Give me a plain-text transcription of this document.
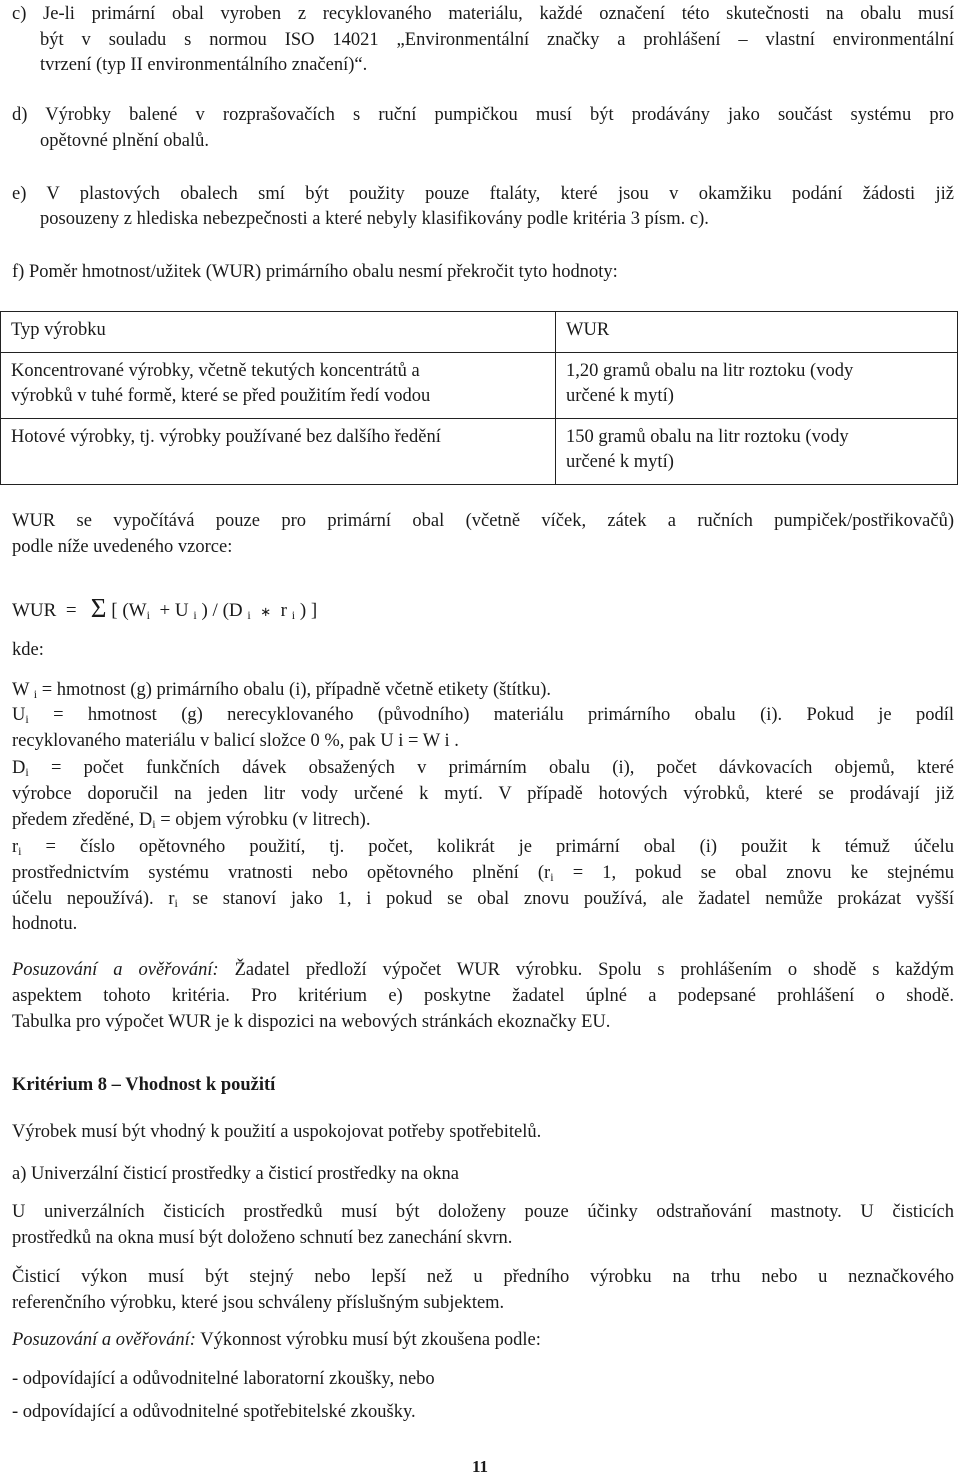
c) Je-li primární obal vyroben z recyklovaného materiálu, každé označení této skutečnosti na obalu musí
být v souladu s normou ISO 14021 „Environmentální značky a prohlášení – vlastní environmentální
tvrzení (typ II environmentálního značení)“.
d) Výrobky balené v rozprašovačích s ruční pumpičkou musí být prodávány jako součást systému pro
opětovné plnění obalů.
e) V plastových obalech smí být použity pouze ftaláty, které jsou v okamžiku podání žádosti již
posouzeny z hlediska nebezpečnosti a které nebyly klasifikovány podle kritéria 3 písm. c).
f) Poměr hmotnost/užitek (WUR) primárního obalu nesmí překročit tyto hodnoty:
Typ výrobku	WUR

Koncentrované výrobky, včetně tekutých koncentrátů a
výrobků v tuhé formě, které se před použitím ředí vodou	1,20 gramů obalu na litr roztoku (vody
určené k mytí)

Hotové výrobky, tj. výrobky používané bez dalšího ředění	150 gramů obalu na litr roztoku (vody
určené k mytí)
WUR se vypočítává pouze pro primární obal (včetně víček, zátek a ručních pumpiček/postřikovačů)
podle níže uvedeného vzorce:
WUR = Σ [ (Wi + U i ) / (D i ∗ r i ) ]
kde:
W i = hmotnost (g) primárního obalu (i), případně včetně etikety (štítku).
Ui = hmotnost (g) nerecyklovaného (původního) materiálu primárního obalu (i). Pokud je podíl
recyklovaného materiálu v balicí složce 0 %, pak U i = W i .
Di = počet funkčních dávek obsažených v primárním obalu (i), počet dávkovacích objemů, které
výrobce doporučil na jeden litr vody určené k mytí. V případě hotových výrobků, které se prodávají již
předem zředěné, Di = objem výrobku (v litrech).
ri = číslo opětovného použití, tj. počet, kolikrát je primární obal (i) použit k témuž účelu
prostřednictvím systému vratnosti nebo opětovného plnění (ri = 1, pokud se obal znovu ke stejnému
účelu nepoužívá). ri se stanoví jako 1, i pokud se obal znovu používá, ale žadatel nemůže prokázat vyšší
hodnotu.
Posuzování a ověřování: Žadatel předloží výpočet WUR výrobku. Spolu s prohlášením o shodě s každým
aspektem tohoto kritéria. Pro kritérium e) poskytne žadatel úplné a podepsané prohlášení o shodě.
Tabulka pro výpočet WUR je k dispozici na webových stránkách ekoznačky EU.
Kritérium 8 – Vhodnost k použití
Výrobek musí být vhodný k použití a uspokojovat potřeby spotřebitelů.
a) Univerzální čisticí prostředky a čisticí prostředky na okna
U univerzálních čisticích prostředků musí být doloženy pouze účinky odstraňování mastnoty. U čisticích
prostředků na okna musí být doloženo schnutí bez zanechání skvrn.
Čisticí výkon musí být stejný nebo lepší než u předního výrobku na trhu nebo u neznačkového
referenčního výrobku, které jsou schváleny příslušným subjektem.
Posuzování a ověřování: Výkonnost výrobku musí být zkoušena podle:
- odpovídající a odůvodnitelné laboratorní zkoušky, nebo
- odpovídající a odůvodnitelné spotřebitelské zkoušky.
11
